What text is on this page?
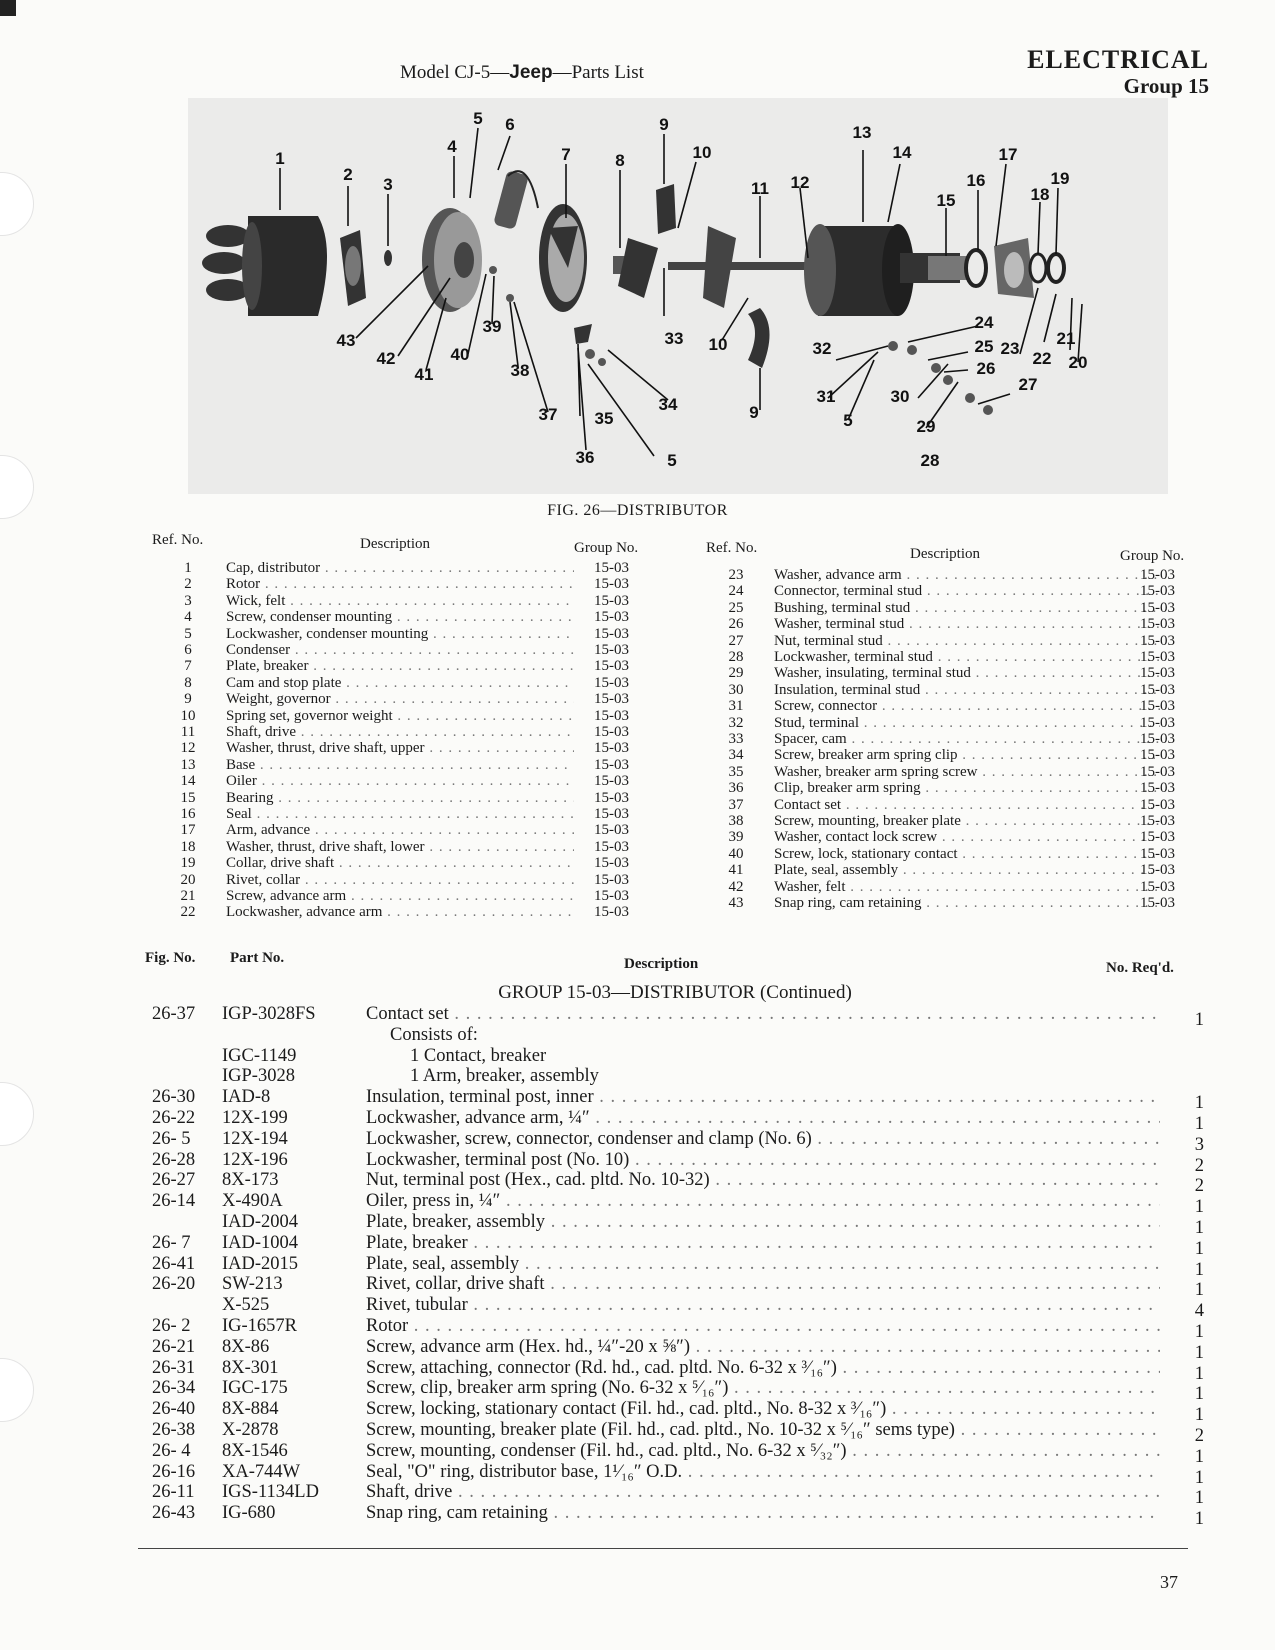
Model CJ-5—Jeep—Parts List	ELECTRICAL
Group 15
1
2
3
4
5 6
7	8
9
10
11 12
13
14
15
16
17
18
19
43
42
41
40
39
38
37 35
36
34
5
33 10
9
32
31
5
30
29
28
24
25
26
27
23
22
21
20
FIG. 26—DISTRIBUTOR
Ref. No.	Description	Group No.	Ref. No.	Description	Group No.
1	Cap, distributor . . .	15-03
2	Rotor . . .	15-03
3	Wick, felt . . .	15-03
4	Screw, condenser mounting . . .	15-03
5	Lockwasher, condenser mounting . . .	15-03
6	Condenser . . .	15-03
7	Plate, breaker . . .	15-03
8	Cam and stop plate . . .	15-03
9	Weight, governor . . .	15-03
10	Spring set, governor weight . . .	15-03
11	Shaft, drive . . .	15-03
12	Washer, thrust, drive shaft, upper . . .	15-03
13	Base . . .	15-03
14	Oiler . . .	15-03
15	Bearing . . .	15-03
16	Seal . . .	15-03
17	Arm, advance . . .	15-03
18	Washer, thrust, drive shaft, lower . . .	15-03
19	Collar, drive shaft . . .	15-03
20	Rivet, collar . . .	15-03
21	Screw, advance arm . . .	15-03
22	Lockwasher, advance arm . . .	15-03
23	Washer, advance arm . . .	15-03
24	Connector, terminal stud . . .	15-03
25	Bushing, terminal stud . . .	15-03
26	Washer, terminal stud . . .	15-03
27	Nut, terminal stud . . .	15-03
28	Lockwasher, terminal stud . . .	15-03
29	Washer, insulating, terminal stud . . .	15-03
30	Insulation, terminal stud . . .	15-03
31	Screw, connector . . .	15-03
32	Stud, terminal . . .	15-03
33	Spacer, cam . . .	15-03
34	Screw, breaker arm spring clip . . .	15-03
35	Washer, breaker arm spring screw . . .	15-03
36	Clip, breaker arm spring . . .	15-03
37	Contact set . . .	15-03
38	Screw, mounting, breaker plate . . .	15-03
39	Washer, contact lock screw . . .	15-03
40	Screw, lock, stationary contact . . .	15-03
41	Plate, seal, assembly . . .	15-03
42	Washer, felt . . .	15-03
43	Snap ring, cam retaining . . .	15-03
Fig. No. Part No.	Description	No. Req'd.
GROUP 15-03—DISTRIBUTOR (Continued)
26-37	IGP-3028FS	Contact set . . .	1
Consists of:
IGC-1149	1 Contact, breaker
IGP-3028	1 Arm, breaker, assembly
26-30	IAD-8	Insulation, terminal post, inner . . .	1
26-22	12X-199	Lockwasher, advance arm, ¼″ . . .	1
26- 5	12X-194	Lockwasher, screw, connector, condenser and clamp (No. 6) . . .	3
26-28	12X-196	Lockwasher, terminal post (No. 10) . . .	2
26-27	8X-173	Nut, terminal post (Hex., cad. pltd. No. 10-32) . . .	2
26-14	X-490A	Oiler, press in, ¼″ . . .	1
IAD-2004	Plate, breaker, assembly . . .	1
26- 7	IAD-1004	Plate, breaker . . .	1
26-41	IAD-2015	Plate, seal, assembly . . .	1
26-20	SW-213	Rivet, collar, drive shaft . . .	1
X-525	Rivet, tubular . . .	4
26- 2	IG-1657R	Rotor . . .	1
26-21	8X-86	Screw, advance arm (Hex. hd., ¼″-20 x ⅝″) . . .	1
26-31	8X-301	Screw, attaching, connector (Rd. hd., cad. pltd. No. 6-32 x ³⁄₁₆″) . . .	1
26-34	IGC-175	Screw, clip, breaker arm spring (No. 6-32 x ⁵⁄₁₆″) . . .	1
26-40	8X-884	Screw, locking, stationary contact (Fil. hd., cad. pltd., No. 8-32 x ³⁄₁₆″) . . .	1
26-38	X-2878	Screw, mounting, breaker plate (Fil. hd., cad. pltd., No. 10-32 x ⁵⁄₁₆″ sems type) . . .	2
26- 4	8X-1546	Screw, mounting, condenser (Fil. hd., cad. pltd., No. 6-32 x ⁵⁄₃₂″) . . .	1
26-16	XA-744W	Seal, "O" ring, distributor base, 1¹⁄₁₆″ O.D. . . .	1
26-11	IGS-1134LD	Shaft, drive . . .	1
26-43	IG-680	Snap ring, cam retaining . . .	1
37
